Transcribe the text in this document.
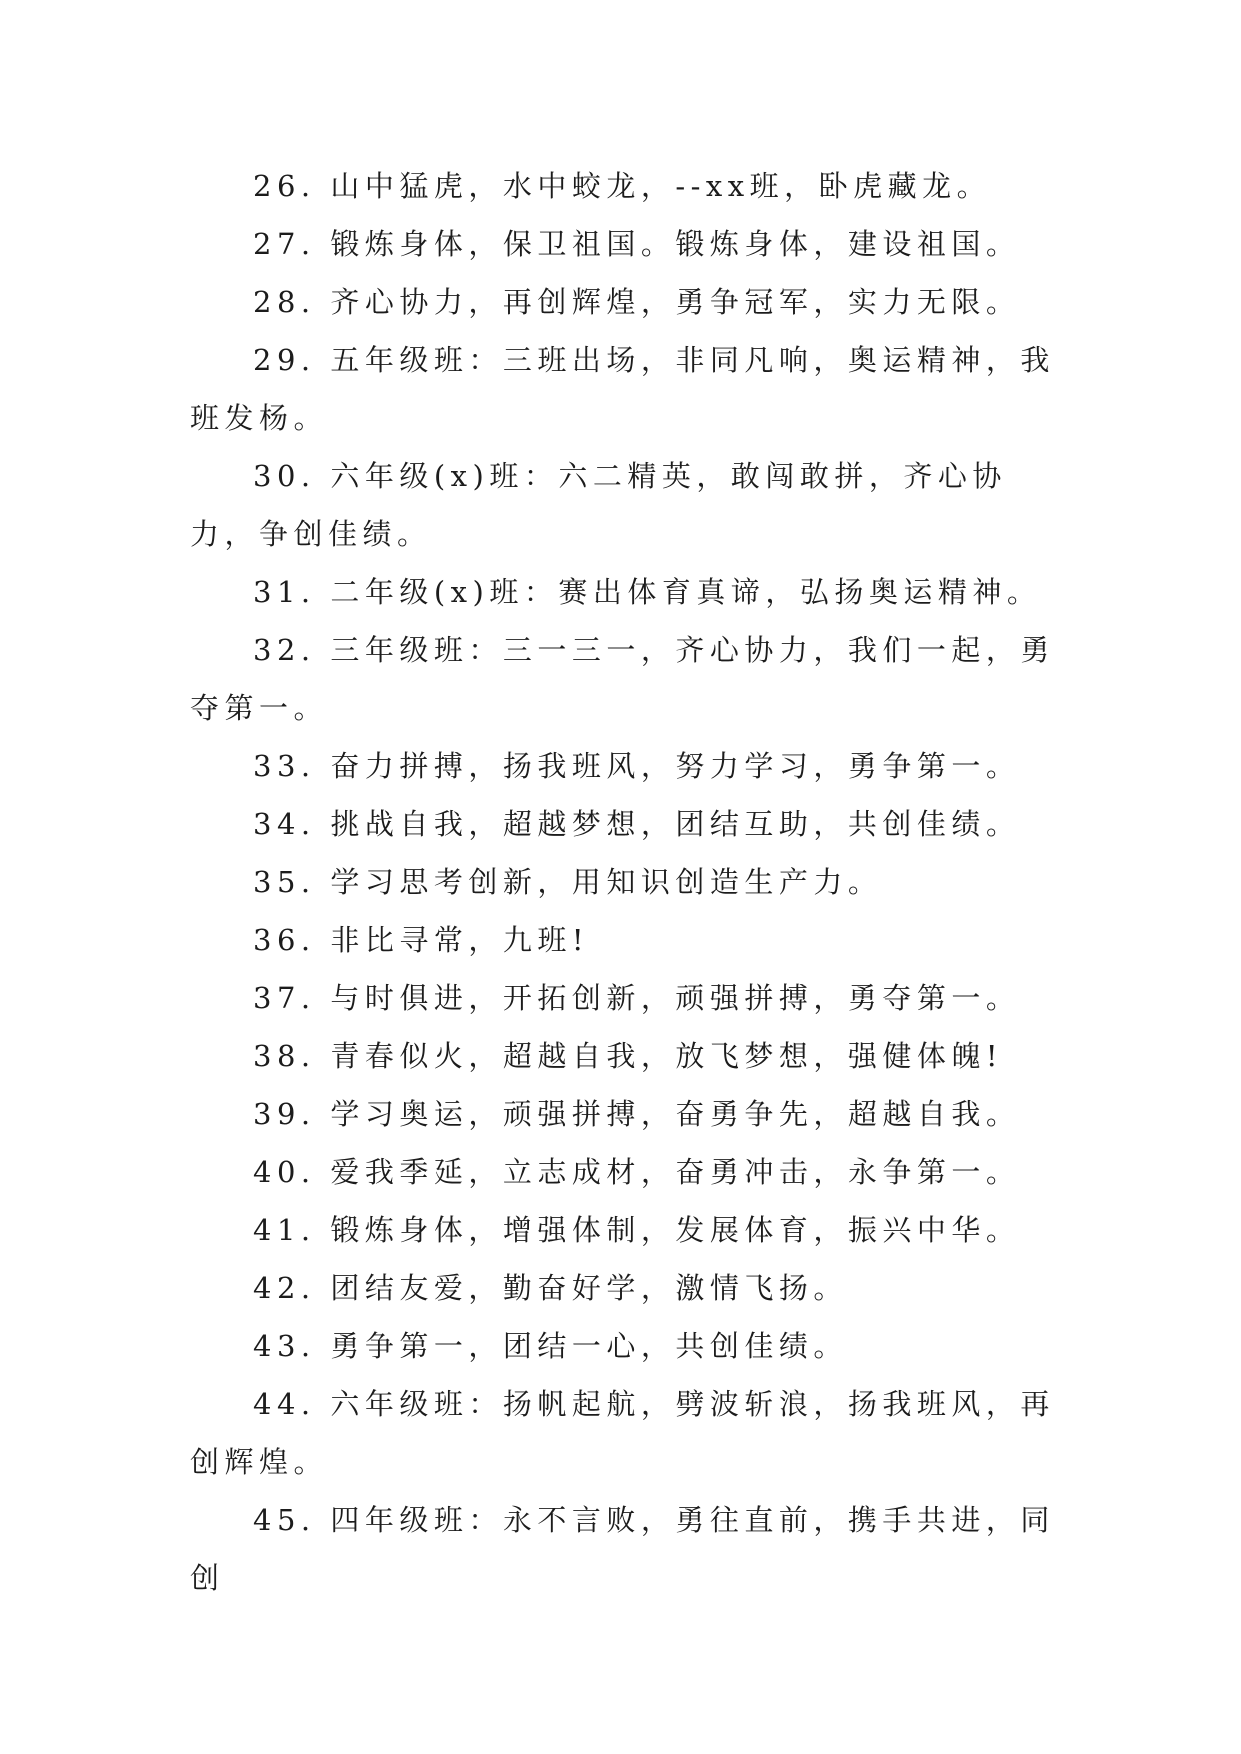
26. 山中猛虎，水中蛟龙，--xx班，卧虎藏龙。

27. 锻炼身体，保卫祖国。锻炼身体，建设祖国。

28. 齐心协力，再创辉煌，勇争冠军，实力无限。

29. 五年级班：三班出场，非同凡响，奥运精神，我班发杨。

30. 六年级(x)班：六二精英，敢闯敢拼，齐心协力，争创佳绩。

31. 二年级(x)班：赛出体育真谛，弘扬奥运精神。

32. 三年级班：三一三一，齐心协力，我们一起，勇夺第一。

33. 奋力拼搏，扬我班风，努力学习，勇争第一。

34. 挑战自我，超越梦想，团结互助，共创佳绩。

35. 学习思考创新，用知识创造生产力。

36. 非比寻常，九班!

37. 与时俱进，开拓创新，顽强拼搏，勇夺第一。

38. 青春似火，超越自我，放飞梦想，强健体魄!

39. 学习奥运，顽强拼搏，奋勇争先，超越自我。

40. 爱我季延，立志成材，奋勇冲击，永争第一。

41. 锻炼身体，增强体制，发展体育，振兴中华。

42. 团结友爱，勤奋好学，激情飞扬。

43. 勇争第一，团结一心，共创佳绩。

44. 六年级班：扬帆起航，劈波斩浪，扬我班风，再创辉煌。

45. 四年级班：永不言败，勇往直前，携手共进，同创
